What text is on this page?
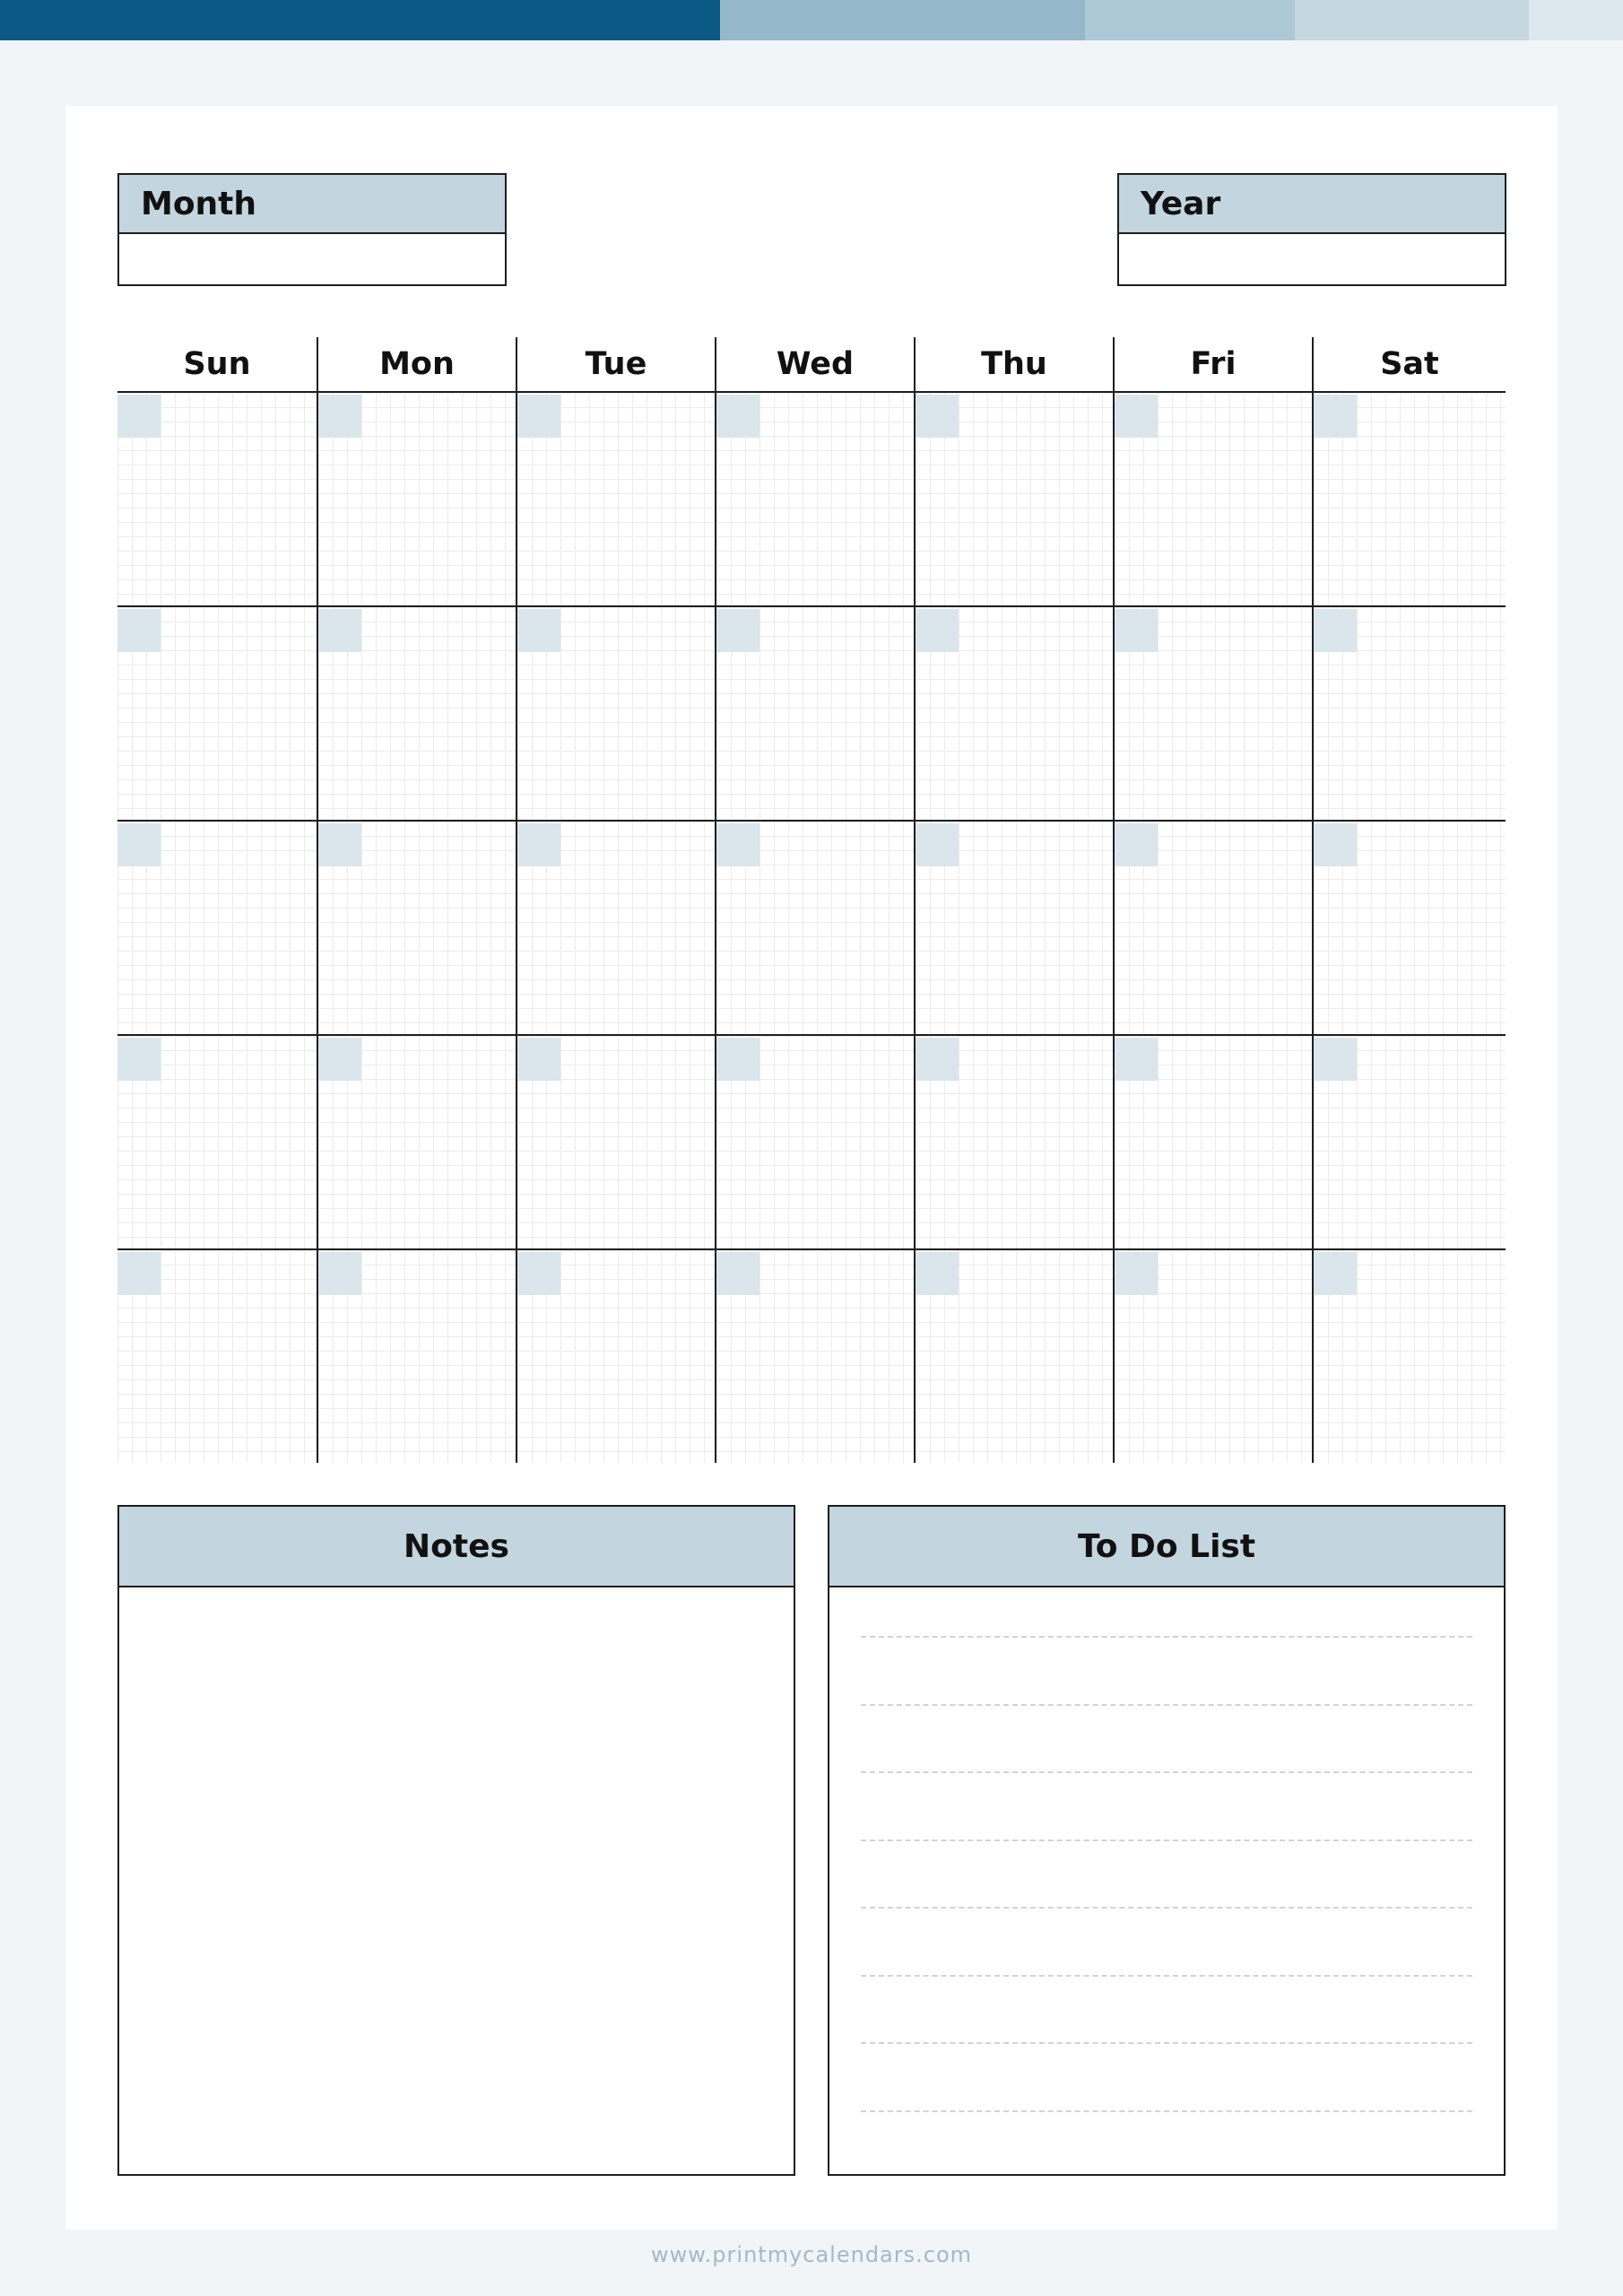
Month	Year
Sun	Mon	Tue	Wed	Thu	Fri	Sat
Notes	To Do List
www.printmycalendars.com
